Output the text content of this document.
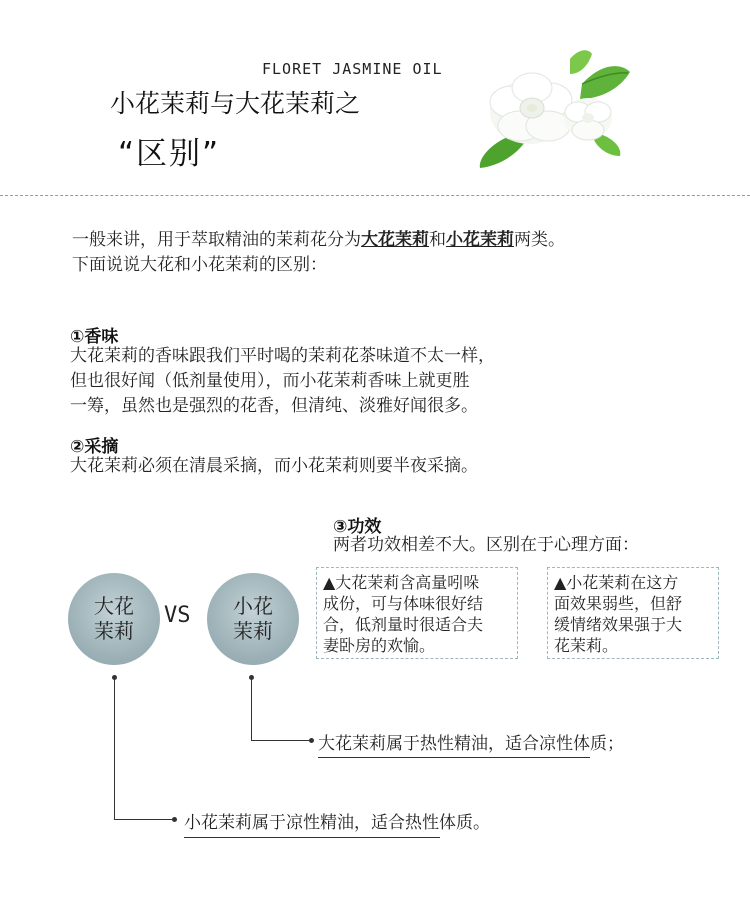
FLORET JASMINE OIL
小花茉莉与大花茉莉之
“区别”
一般来讲，用于萃取精油的茉莉花分为大花茉莉和小花茉莉两类。
下面说说大花和小花茉莉的区别：
①香味
大花茉莉的香味跟我们平时喝的茉莉花茶味道不太一样，
但也很好闻（低剂量使用），而小花茉莉香味上就更胜
一筹，虽然也是强烈的花香，但清纯、淡雅好闻很多。
②采摘
大花茉莉必须在清晨采摘，而小花茉莉则要半夜采摘。
③功效
两者功效相差不大。区别在于心理方面：
大花
茉莉
VS 小花
茉莉
▲大花茉莉含高量吲哚
成份，可与体味很好结
合，低剂量时很适合夫
妻卧房的欢愉。
▲小花茉莉在这方
面效果弱些，但舒
缓情绪效果强于大
花茉莉。
大花茉莉属于热性精油，适合凉性体质；
小花茉莉属于凉性精油，适合热性体质。
